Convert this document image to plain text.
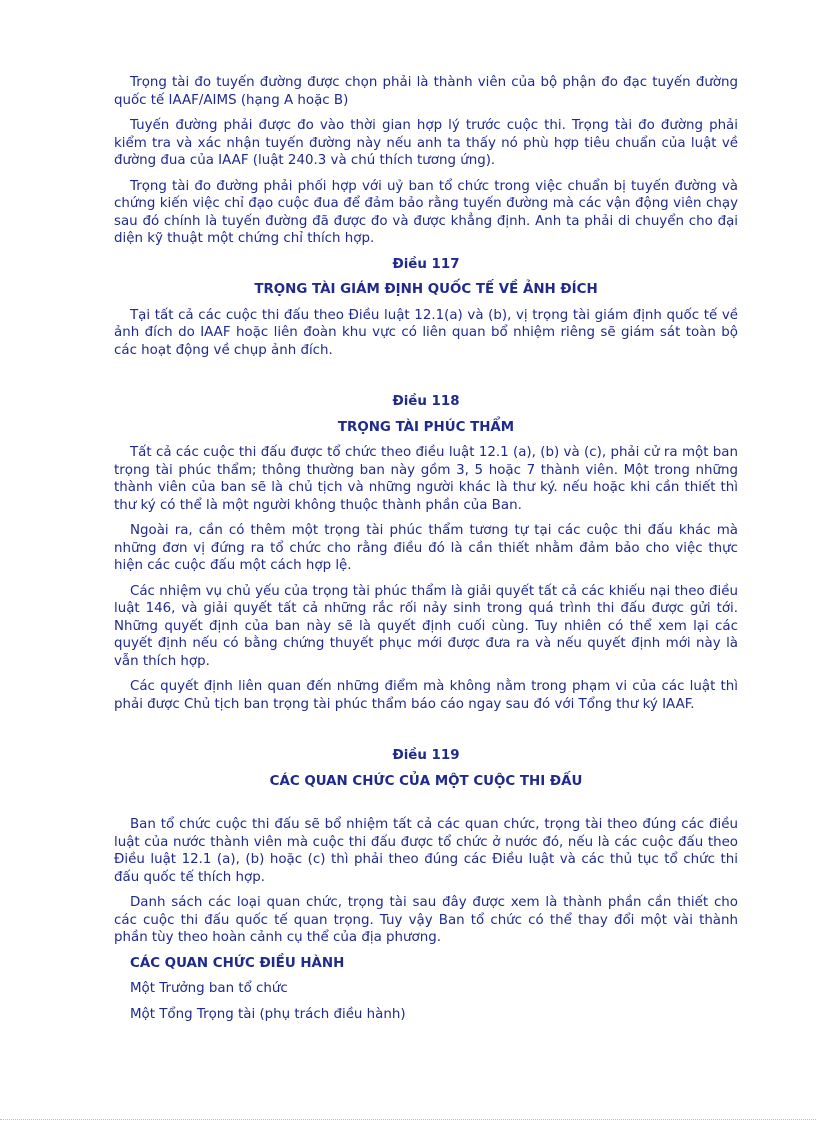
Trọng tài đo tuyến đường được chọn phải là thành viên của bộ phận đo đạc tuyến đường quốc tế IAAF/AIMS (hạng A hoặc B)

Tuyến đường phải được đo vào thời gian hợp lý trước cuộc thi. Trọng tài đo đường phải kiểm tra và xác nhận tuyến đường này nếu anh ta thấy nó phù hợp tiêu chuẩn của luật về đường đua của IAAF (luật 240.3 và chú thích tương ứng).

Trọng tài đo đường phải phối hợp với uỷ ban tổ chức trong việc chuẩn bị tuyến đường và chứng kiến việc chỉ đạo cuộc đua để đảm bảo rằng tuyến đường mà các vận động viên chạy sau đó chính là tuyến đường đã được đo và được khẳng định. Anh ta phải di chuyển cho đại diện kỹ thuật một chứng chỉ thích hợp.

Điều 117
TRỌNG TÀI GIÁM ĐỊNH QUỐC TẾ VỀ ẢNH ĐÍCH

Tại tất cả các cuộc thi đấu theo Điều luật 12.1(a) và (b), vị trọng tài giám định quốc tế về ảnh đích do IAAF hoặc liên đoàn khu vực có liên quan bổ nhiệm riêng sẽ giám sát toàn bộ các hoạt động về chụp ảnh đích.

Điều 118
TRỌNG TÀI PHÚC THẨM

Tất cả các cuộc thi đấu được tổ chức theo điều luật 12.1 (a), (b) và (c), phải cử ra một ban trọng tài phúc thẩm; thông thường ban này gồm 3, 5 hoặc 7 thành viên. Một trong những thành viên của ban sẽ là chủ tịch và những người khác là thư ký. nếu hoặc khi cần thiết thì thư ký có thể là một người không thuộc thành phần của Ban.

Ngoài ra, cần có thêm một trọng tài phúc thẩm tương tự tại các cuộc thi đấu khác mà những đơn vị đứng ra tổ chức cho rằng điều đó là cần thiết nhằm đảm bảo cho việc thực hiện các cuộc đấu một cách hợp lệ.

Các nhiệm vụ chủ yếu của trọng tài phúc thẩm là giải quyết tất cả các khiếu nại theo điều luật 146, và giải quyết tất cả những rắc rối nảy sinh trong quá trình thi đấu được gửi tới. Những quyết định của ban này sẽ là quyết định cuối cùng. Tuy nhiên có thể xem lại các quyết định nếu có bằng chứng thuyết phục mới được đưa ra và nếu quyết định mới này là vẫn thích hợp.

Các quyết định liên quan đến những điểm mà không nằm trong phạm vi của các luật thì phải được Chủ tịch ban trọng tài phúc thẩm báo cáo ngay sau đó với Tổng thư ký IAAF.

Điều 119
CÁC QUAN CHỨC CỦA MỘT CUỘC THI ĐẤU

Ban tổ chức cuộc thi đấu sẽ bổ nhiệm tất cả các quan chức, trọng tài theo đúng các điều luật của nước thành viên mà cuộc thi đấu được tổ chức ở nước đó, nếu là các cuộc đấu theo Điều luật 12.1 (a), (b) hoặc (c) thì phải theo đúng các Điều luật và các thủ tục tổ chức thi đấu quốc tế thích hợp.

Danh sách các loại quan chức, trọng tài sau đây được xem là thành phần cần thiết cho các cuộc thi đấu quốc tế quan trọng. Tuy vậy Ban tổ chức có thể thay đổi một vài thành phần tùy theo hoàn cảnh cụ thể của địa phương.

CÁC QUAN CHỨC ĐIỀU HÀNH
Một Trưởng ban tổ chức
Một Tổng Trọng tài (phụ trách điều hành)
